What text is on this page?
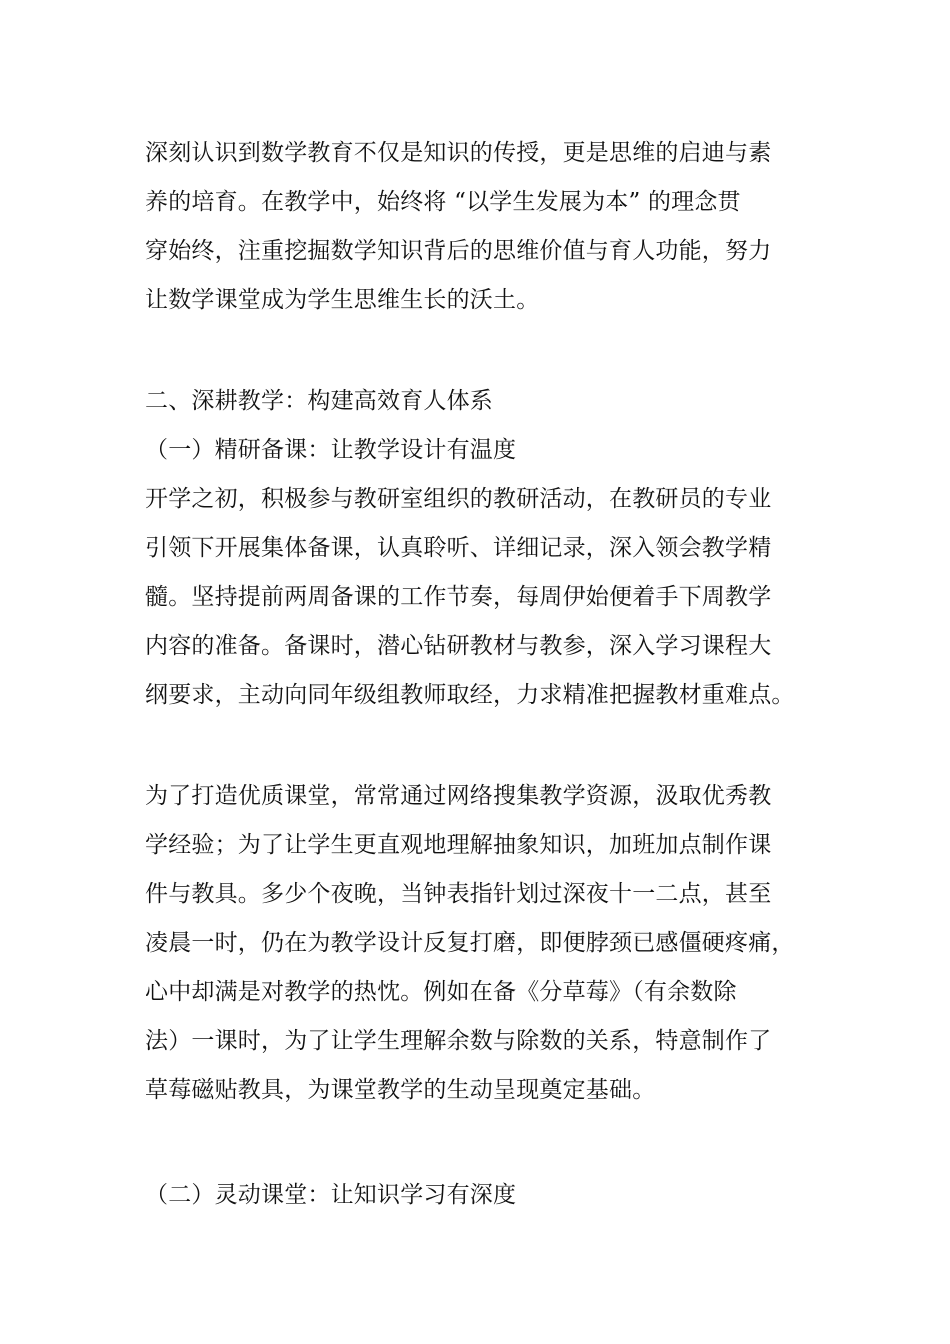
深刻认识到数学教育不仅是知识的传授，更是思维的启迪与素
养的培育。在教学中，始终将 “以学生发展为本” 的理念贯
穿始终，注重挖掘数学知识背后的思维价值与育人功能，努力
让数学课堂成为学生思维生长的沃土。
二、深耕教学：构建高效育人体系
（一）精研备课：让教学设计有温度
开学之初，积极参与教研室组织的教研活动，在教研员的专业
引领下开展集体备课，认真聆听、详细记录，深入领会教学精
髓。坚持提前两周备课的工作节奏，每周伊始便着手下周教学
内容的准备。备课时，潜心钻研教材与教参，深入学习课程大
纲要求，主动向同年级组教师取经，力求精准把握教材重难点。
为了打造优质课堂，常常通过网络搜集教学资源，汲取优秀教
学经验；为了让学生更直观地理解抽象知识，加班加点制作课
件与教具。多少个夜晚，当钟表指针划过深夜十一二点，甚至
凌晨一时，仍在为教学设计反复打磨，即便脖颈已感僵硬疼痛，
心中却满是对教学的热忱。例如在备《分草莓》（有余数除
法）一课时，为了让学生理解余数与除数的关系，特意制作了
草莓磁贴教具，为课堂教学的生动呈现奠定基础。
（二）灵动课堂：让知识学习有深度
